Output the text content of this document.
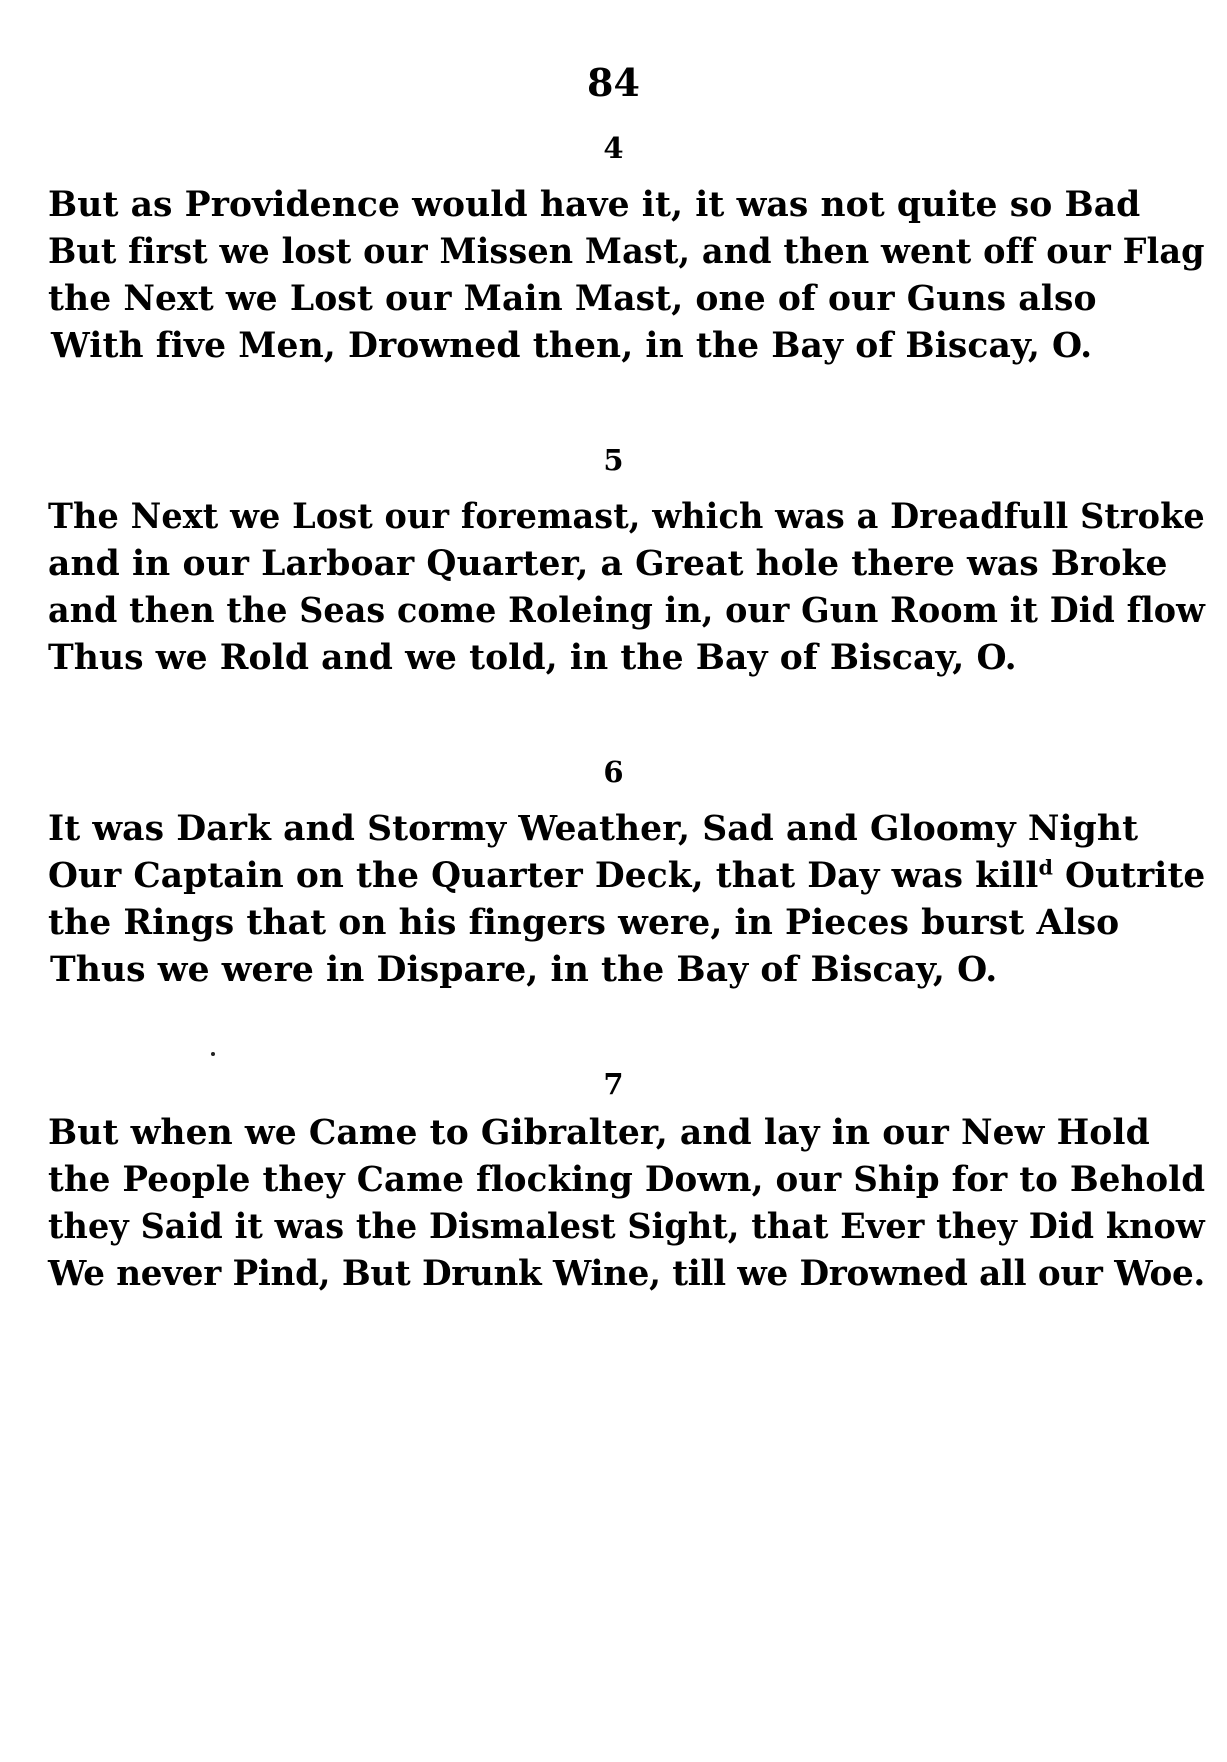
84
4
But as Providence would have it, it was not quite so Bad
But first we lost our Missen Mast, and then went off our Flag
the Next we Lost our Main Mast, one of our Guns also
With five Men, Drowned then, in the Bay of Biscay, O.
5
The Next we Lost our foremast, which was a Dreadfull Stroke
and in our Larboar Quarter, a Great hole there was Broke
and then the Seas come Roleing in, our Gun Room it Did flow
Thus we Rold and we told, in the Bay of Biscay, O.
6
It was Dark and Stormy Weather, Sad and Gloomy Night
Our Captain on the Quarter Deck, that Day was kill$^d$ Outrite
the Rings that on his fingers were, in Pieces burst Also
Thus we were in Dispare, in the Bay of Biscay, O.
7
But when we Came to Gibralter, and lay in our New Hold
the People they Came flocking Down, our Ship for to Behold
they Said it was the Dismalest Sight, that Ever they Did know
We never Pind, But Drunk Wine, till we Drowned all our Woe.
